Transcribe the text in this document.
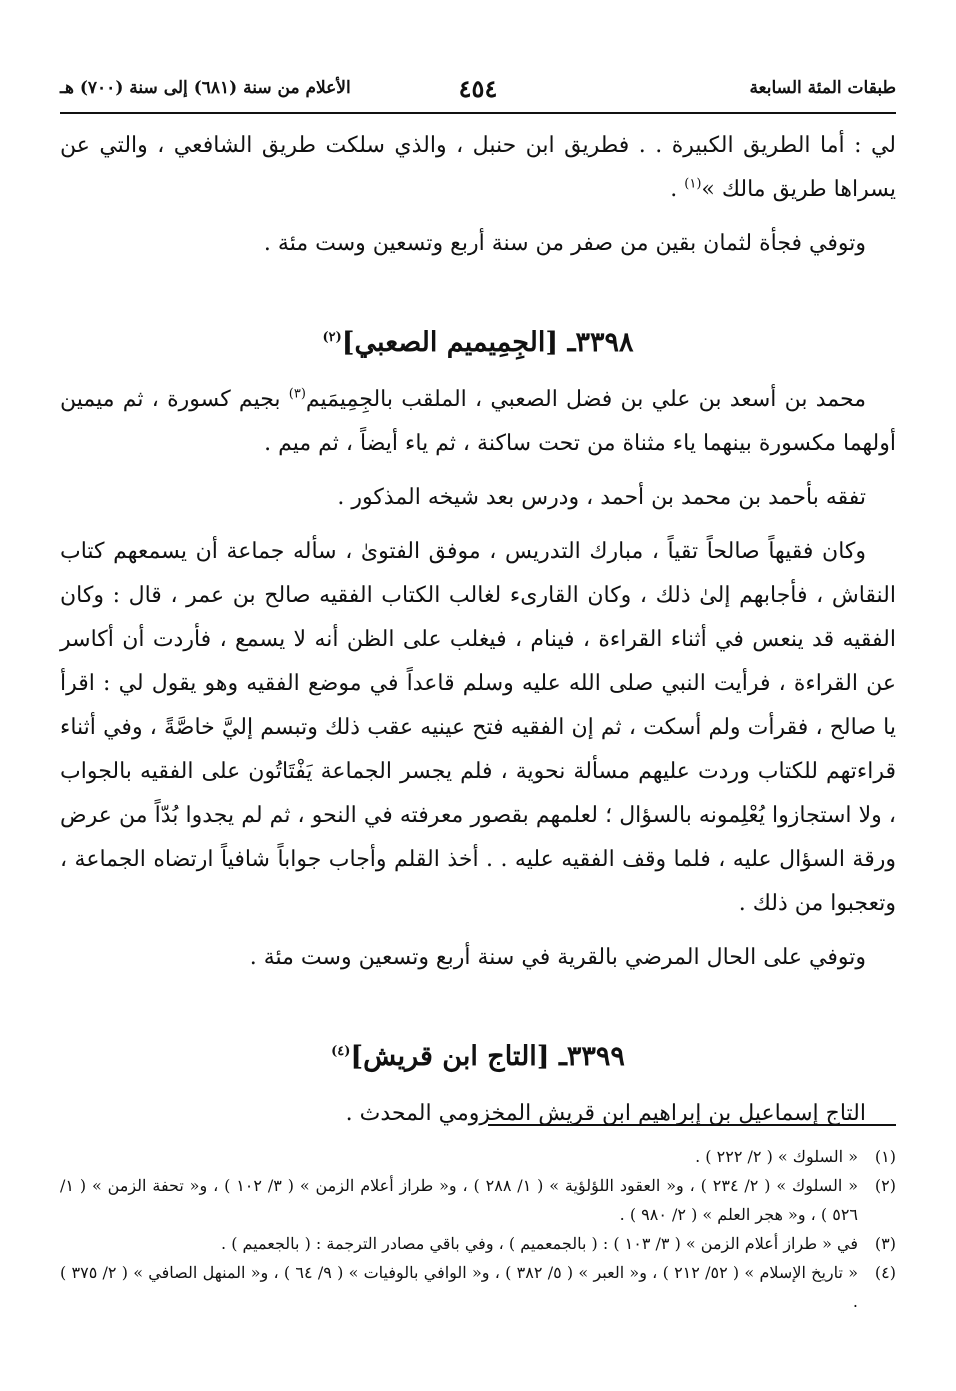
طبقات المئة السابعة
٤٥٤
الأعلام من سنة (٦٨١) إلى سنة (٧٠٠) هـ

لي : أما الطريق الكبيرة . . فطريق ابن حنبل ، والذي سلكت طريق الشافعي ، والتي عن يسراها طريق مالك »$^{(١)}$ .

وتوفي فجأة لثمان بقين من صفر من سنة أربع وتسعين وست مئة .

٣٣٩٨ـ [الجِمِيميم الصعبي]$^{(٢)}$

محمد بن أسعد بن علي بن فضل الصعبي ، الملقب بالجِمِيمَيم$^{(٣)}$ بجيم كسورة ، ثم ميمين أولهما مكسورة بينهما ياء مثناة من تحت ساكنة ، ثم ياء أيضاً ، ثم ميم .

تفقه بأحمد بن محمد بن أحمد ، ودرس بعد شيخه المذكور .

وكان فقيهاً صالحاً تقياً ، مبارك التدريس ، موفق الفتوىٰ ، سأله جماعة أن يسمعهم كتاب النقاش ، فأجابهم إلىٰ ذلك ، وكان القارىء لغالب الكتاب الفقيه صالح بن عمر ، قال : وكان الفقيه قد ينعس في أثناء القراءة ، فينام ، فيغلب على الظن أنه لا يسمع ، فأردت أن أكاسر عن القراءة ، فرأيت النبي صلى الله عليه وسلم قاعداً في موضع الفقيه وهو يقول لي : اقرأ يا صالح ، فقرأت ولم أسكت ، ثم إن الفقيه فتح عينيه عقب ذلك وتبسم إليَّ خاصَّةً ، وفي أثناء قراءتهم للكتاب وردت عليهم مسألة نحوية ، فلم يجسر الجماعة يَفْتَاتُون على الفقيه بالجواب ، ولا استجازوا يُعْلِمونه بالسؤال ؛ لعلمهم بقصور معرفته في النحو ، ثم لم يجدوا بُدّاً من عرض ورقة السؤال عليه ، فلما وقف الفقيه عليه . . أخذ القلم وأجاب جواباً شافياً ارتضاه الجماعة ، وتعجبوا من ذلك .

وتوفي على الحال المرضي بالقرية في سنة أربع وتسعين وست مئة .

٣٣٩٩ـ [التاج ابن قريش]$^{(٤)}$

التاج إسماعيل بن إبراهيم ابن قريش المخزومي المحدث .

(١)
« السلوك » ( ٢/ ٢٢٢ ) .
(٢)
« السلوك » ( ٢/ ٢٣٤ ) ، و« العقود اللؤلؤية » ( ١/ ٢٨٨ ) ، و« طراز أعلام الزمن » ( ٣/ ١٠٢ ) ، و« تحفة الزمن » ( ١/ ٥٢٦ ) ، و« هجر العلم » ( ٢/ ٩٨٠ ) .
(٣)
في « طراز أعلام الزمن » ( ٣/ ١٠٣ ) : ( بالجمعميم ) ، وفي باقي مصادر الترجمة : ( بالجعميم ) .
(٤)
« تاريخ الإسلام » ( ٥٢/ ٢١٢ ) ، و« العبر » ( ٥/ ٣٨٢ ) ، و« الوافي بالوفيات » ( ٩/ ٦٤ ) ، و« المنهل الصافي » ( ٢/ ٣٧٥ ) .
